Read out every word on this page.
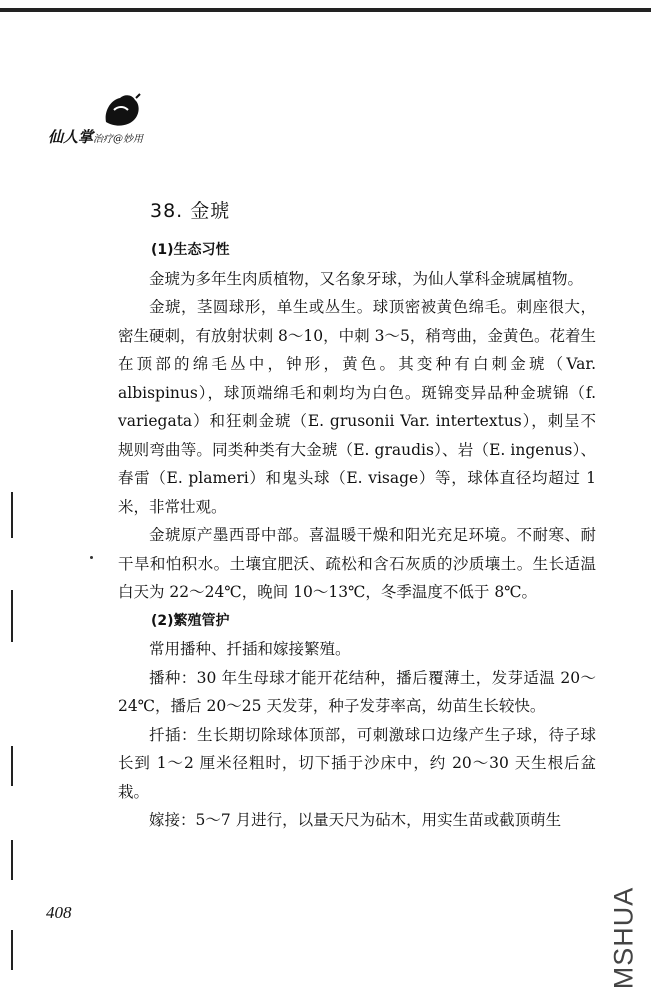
仙人掌治疗@妙用
38. 金琥
(1)生态习性

金琥为多年生肉质植物，又名象牙球，为仙人掌科金琥属植物。

金琥，茎圆球形，单生或丛生。球顶密被黄色绵毛。刺座很大，密生硬刺，有放射状刺 8～10，中刺 3～5，稍弯曲，金黄色。花着生在顶部的绵毛丛中，钟形，黄色。其变种有白刺金琥（Var. albispinus），球顶端绵毛和刺均为白色。斑锦变异品种金琥锦（f. variegata）和狂刺金琥（E. grusonii Var. intertextus），刺呈不规则弯曲等。同类种类有大金琥（E. graudis）、岩（E. ingenus）、春雷（E. plameri）和鬼头球（E. visage）等，球体直径均超过 1 米，非常壮观。

金琥原产墨西哥中部。喜温暖干燥和阳光充足环境。不耐寒、耐干旱和怕积水。土壤宜肥沃、疏松和含石灰质的沙质壤土。生长适温白天为 22～24℃，晚间 10～13℃，冬季温度不低于 8℃。

(2)繁殖管护

常用播种、扦插和嫁接繁殖。

播种：30 年生母球才能开花结种，播后覆薄土，发芽适温 20～24℃，播后 20～25 天发芽，种子发芽率高，幼苗生长较快。

扦插：生长期切除球体顶部，可刺激球口边缘产生子球，待子球长到 1～2 厘米径粗时，切下插于沙床中，约 20～30 天生根后盆栽。

嫁接：5～7 月进行，以量天尺为砧木，用实生苗或截顶萌生

408	MSHUA
